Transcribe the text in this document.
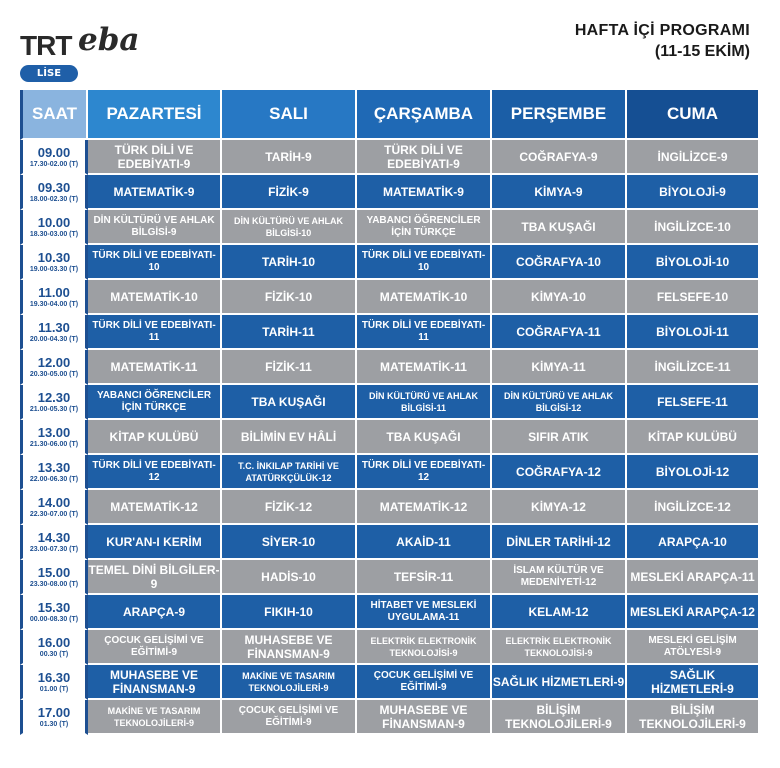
TRT eba
LİSE
HAFTA İÇİ PROGRAMI
(11-15 EKİM)
SAAT	PAZARTESİ	SALI	ÇARŞAMBA	PERŞEMBE	CUMA

09.00
17.30-02.00 (T)	TÜRK DİLİ VE EDEBİYATI-9	TARİH-9	TÜRK DİLİ VE EDEBİYATI-9	COĞRAFYA-9	İNGİLİZCE-9

09.30
18.00-02.30 (T)	MATEMATİK-9	FİZİK-9	MATEMATİK-9	KİMYA-9	BİYOLOJİ-9

10.00
18.30-03.00 (T)	DİN KÜLTÜRÜ VE AHLAK BİLGİSİ-9	DİN KÜLTÜRÜ VE AHLAK BİLGİSİ-10	YABANCI ÖĞRENCİLER İÇİN TÜRKÇE	TBA KUŞAĞI	İNGİLİZCE-10

10.30
19.00-03.30 (T)	TÜRK DİLİ VE EDEBİYATI-10	TARİH-10	TÜRK DİLİ VE EDEBİYATI-10	COĞRAFYA-10	BİYOLOJİ-10

11.00
19.30-04.00 (T)	MATEMATİK-10	FİZİK-10	MATEMATİK-10	KİMYA-10	FELSEFE-10

11.30
20.00-04.30 (T)	TÜRK DİLİ VE EDEBİYATI-11	TARİH-11	TÜRK DİLİ VE EDEBİYATI-11	COĞRAFYA-11	BİYOLOJİ-11

12.00
20.30-05.00 (T)	MATEMATİK-11	FİZİK-11	MATEMATİK-11	KİMYA-11	İNGİLİZCE-11

12.30
21.00-05.30 (T)	YABANCI ÖĞRENCİLER İÇİN TÜRKÇE	TBA KUŞAĞI	DİN KÜLTÜRÜ VE AHLAK BİLGİSİ-11	DİN KÜLTÜRÜ VE AHLAK BİLGİSİ-12	FELSEFE-11

13.00
21.30-06.00 (T)	KİTAP KULÜBÜ	BİLİMİN EV HÂLİ	TBA KUŞAĞI	SIFIR ATIK	KİTAP KULÜBÜ

13.30
22.00-06.30 (T)	TÜRK DİLİ VE EDEBİYATI-12	T.C. İNKILAP TARİHİ VE ATATÜRKÇÜLÜK-12	TÜRK DİLİ VE EDEBİYATI-12	COĞRAFYA-12	BİYOLOJİ-12

14.00
22.30-07.00 (T)	MATEMATİK-12	FİZİK-12	MATEMATİK-12	KİMYA-12	İNGİLİZCE-12

14.30
23.00-07.30 (T)	KUR'AN-I KERİM	SİYER-10	AKAİD-11	DİNLER TARİHİ-12	ARAPÇA-10

15.00
23.30-08.00 (T)	TEMEL DİNİ BİLGİLER-9	HADİS-10	TEFSİR-11	İSLAM KÜLTÜR VE MEDENİYETİ-12	MESLEKİ ARAPÇA-11

15.30
00.00-08.30 (T)	ARAPÇA-9	FIKIH-10	HİTABET VE MESLEKİ UYGULAMA-11	KELAM-12	MESLEKİ ARAPÇA-12

16.00
00.30 (T)	ÇOCUK GELİŞİMİ VE EĞİTİMİ-9	MUHASEBE VE FİNANSMAN-9	ELEKTRİK ELEKTRONİK TEKNOLOJİSİ-9	ELEKTRİK ELEKTRONİK TEKNOLOJİSİ-9	MESLEKİ GELİŞİM ATÖLYESİ-9

16.30
01.00 (T)	MUHASEBE VE FİNANSMAN-9	MAKİNE VE TASARIM TEKNOLOJİLERİ-9	ÇOCUK GELİŞİMİ VE EĞİTİMİ-9	SAĞLIK HİZMETLERİ-9	SAĞLIK HİZMETLERİ-9

17.00
01.30 (T)	MAKİNE VE TASARIM TEKNOLOJİLERİ-9	ÇOCUK GELİŞİMİ VE EĞİTİMİ-9	MUHASEBE VE FİNANSMAN-9	BİLİŞİM TEKNOLOJİLERİ-9	BİLİŞİM TEKNOLOJİLERİ-9
